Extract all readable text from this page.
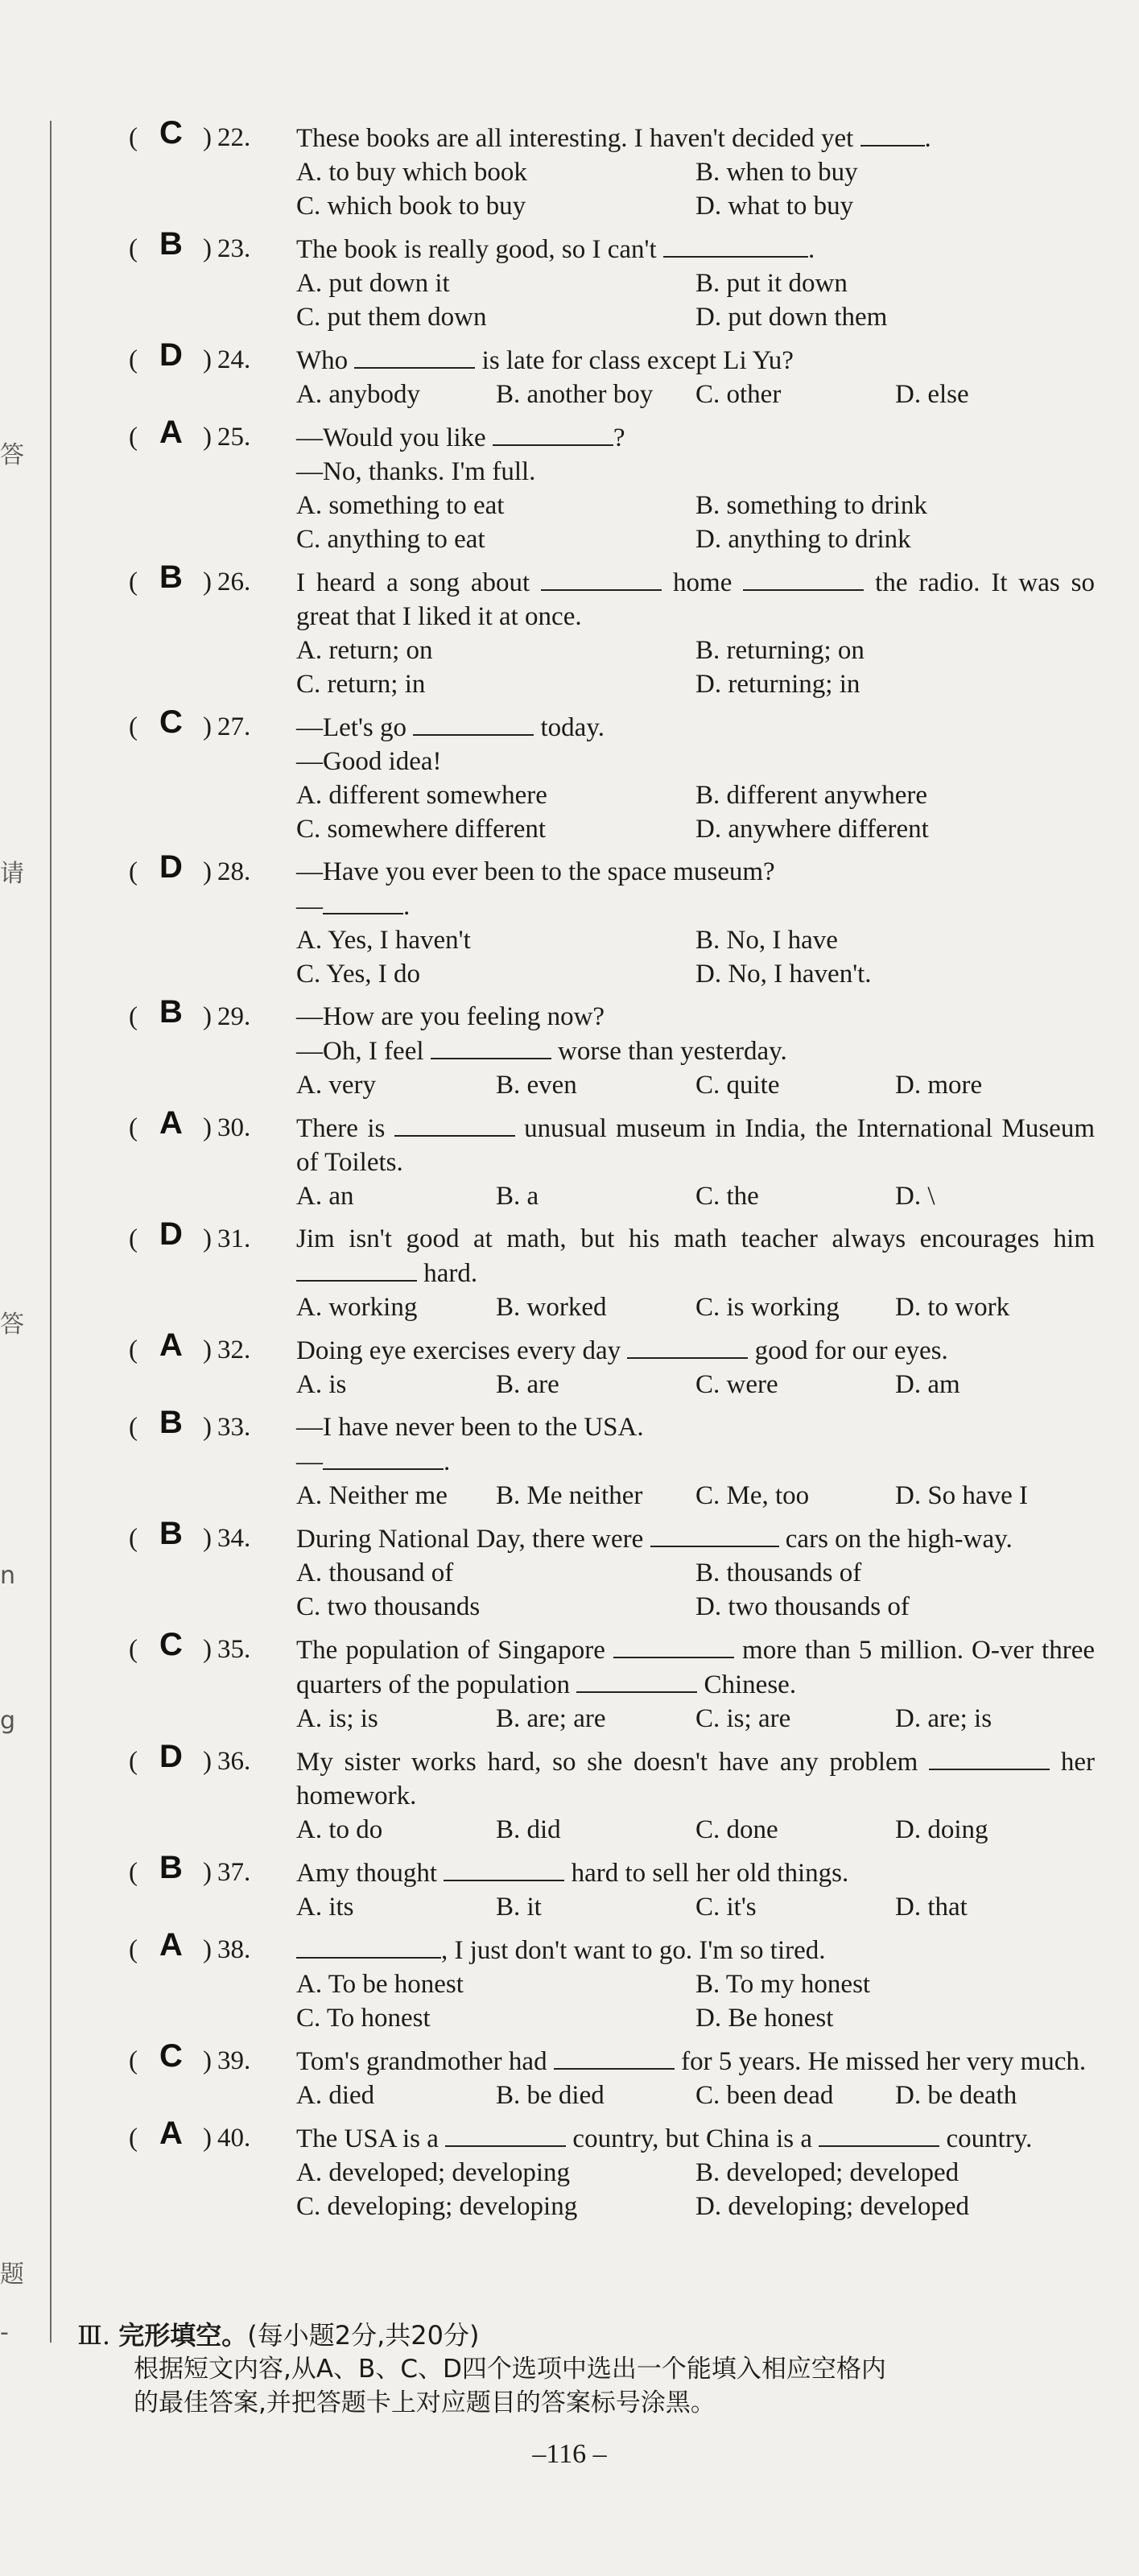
答
请
答
n
g
题
-
( C ) 22. These books are all interesting. I haven't decided yet .
A. to buy which book	B. when to buy
C. which book to buy	D. what to buy
( B ) 23. The book is really good, so I can't	.
A. put down it	B. put it down
C. put them down	D. put down them
( D ) 24. Who	is late for class except Li Yu?
A. anybody	B. another boy	C. other	D. else
( A ) 25. —Would you like	?
—No, thanks. I'm full.
A. something to eat	B. something to drink
C. anything to eat	D. anything to drink
( B ) 26. I heard a song about	home	the radio. It was so great that I liked it at once.
A. return; on	B. returning; on
C. return; in	D. returning; in
( C ) 27. —Let's go	today.
—Good idea!
A. different somewhere	B. different anywhere
C. somewhere different	D. anywhere different
( D ) 28. —Have you ever been to the space museum?
—	.
A. Yes, I haven't	B. No, I have
C. Yes, I do	D. No, I haven't.
( B ) 29. —How are you feeling now?
—Oh, I feel	worse than yesterday.
A. very	B. even	C. quite	D. more
( A ) 30. There is	unusual museum in India, the International Museum of Toilets.
A. an	B. a	C. the	D. \
( D ) 31. Jim isn't good at math, but his math teacher always encourages him  hard.
A. working	B. worked	C. is working	D. to work
( A ) 32. Doing eye exercises every day	good for our eyes.
A. is	B. are	C. were	D. am
( B ) 33. —I have never been to the USA.
—	.
A. Neither me	B. Me neither	C. Me, too	D. So have I
( B ) 34. During National Day, there were	cars on the high-way.
A. thousand of	B. thousands of
C. two thousands	D. two thousands of
( C ) 35. The population of Singapore	more than 5 million. O-ver three quarters of the population	Chinese.
A. is; is	B. are; are	C. is; are	D. are; is
( D ) 36. My sister works hard, so she doesn't have any problem	her homework.
A. to do	B. did	C. done	D. doing
( B ) 37. Amy thought	hard to sell her old things.
A. its	B. it	C. it's	D. that
( A ) 38.	, I just don't want to go. I'm so tired.
A. To be honest	B. To my honest
C. To honest	D. Be honest
( C ) 39. Tom's grandmother had	for 5 years. He missed her very much.
A. died	B. be died	C. been dead	D. be death
( A ) 40. The USA is a	country, but China is a	country.
A. developed; developing	B. developed; developed
C. developing; developing	D. developing; developed
Ⅲ. 完形填空。(每小题2分,共20分)
根据短文内容,从A、B、C、D四个选项中选出一个能填入相应空格内
的最佳答案,并把答题卡上对应题目的答案标号涂黑。
–116 –
